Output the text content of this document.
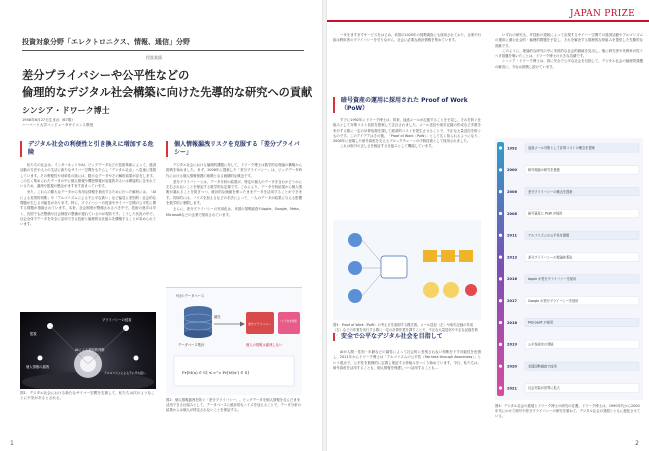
投資対象分野「エレクトロニクス、情報、通信」分野
授賞業績
差分プライバシーや公平性などの
倫理的なデジタル社会構築に向けた先導的な研究への貢献
シンシア・ドワーク博士
1958年6月27日生まれ（67歳）
ハーバード大学コンピュータサイエンス教授
デジタル社会の利便性と引き換えに増加する危険

私たちの社会は、インターネットやAI、ビッグデータなどの技術革新によって、経済活動の方法や人々の生活に新たなサイバー空間をもたらし「デジタル社会」へ急速に発展しています。その利便性や効率性の陰には、膨大なデータやその解析結果が存在します。この広く集められたデータの中に個人情報や機密情報が直接的あるいは間接的に含まれているため、漏洩や監視の懸念がますます高まっています。

また、これらの膨大なデータから有用な情報を抽出するために行った解析には、「AIによる差別的判断」や「アルゴリズムによる不公平な扱い」など偏見と差別的・社会的な問題が生じる可能性があります。特に、プライバシーの侵害やサイバー空間の公平性に関する問題が指摘されています。本来、社会制度が整備されるべき中で、技術の進歩は早く、各国でも法整備や社会制度の整備が遅れているのが現状です。こうした状況の中で、社会全体でデータを安全に活用できる技術と倫理的な仕組みを構築することが求められています。

監視
プライバシーの侵害
個人情報の漏洩
AIによる差別的判断
アルゴリズムによる不公平な扱い
図1：デジタル社会における新たなサイバー空間を支援して、私たちは次のようなことに不安があるとされる。
個人情報漏洩リスクを克服する「差分プライバシー」

デジタル社会における倫理的課題に対して、ドワーク博士は数学的な理論の構築から挑戦を始めました。まず、2006年に提案した「差分プライバシー」は、ビッグデータ時代における個人情報保護の基礎となる画期的な概念です。

差分プライバシーとは、データ分析の結果が、特定の個人のデータを含むかどうかに左右されないことを保証する数学的な定義です。これにより、データ分析結果から個人情報が漏れることを防ぎつつ、統計的な価値を保ったままデータを活用することができます。具体的には、ノイズを加えるなどの手法によって、一人のデータが結果に与える影響を数学的に制限します。

さらに、差分プライバシーの実用化は、米国の国勢調査やApple、Google、Meta、Microsoftなどの企業で採用されています。

Y社のデータベース
属性
差分プライバシー
ノイズ付き結果
データベース集計	個人の情報は漏洩しない
Pr[M(x) ∈ S] ≤ e^ε Pr[M(x') ∈ S]
図2：個人情報漏洩を防ぐ「差分プライバシー」。ビッグデータを個人情報を含んだまま活用できる仕組みとして、データベースに統計的なノイズを加えることで、データ分析の結果からは個人が特定されないことを保証する。
1
JAPAN PRIZE

ータをますますサービスをはじめ、米国の2020年の国勢調査にも採用されており、企業や行政は利用者のプライバシーを守りながら、社会に必要な統計情報を集めています。

暗号資産の運用に採用された Proof of Work（PoW）

すでに1992年にドワーク博士は、将来、迷惑メールが氾濫することを予見し、それを防ぐ仕組みとして対策コスト負担を提案して注目されました。メール送信や取引記録の作成など多数を実行する際に一定の計算処理を課して経済的コストを発生させることで、不正な大量送信を防ぐものです。このアイデアはその後、「Proof of Work（PoW）」として広く知られるようになり、2008年に登場した暗号資産を支えるブロックチェーンの中核技術として採用されました。

これは取引の正しさを検証する仕組みとして機能しています。

図3：Proof of Work（PoW）の考え方を説明する模式図。メール送信（左）や取引記録の作成（右）などの作業を実行する際に一定の計算作業を課すことで、不正な大量送信や不正な記録を防ぐ。 安全で公平なデジタル社会を目指して

AIが人間・性別・年齢などの属性によって社会的に差別されない判断を下す可能性を危惧し、2011年からドワーク博士は「アルゴリズムの公平性（Fairness through Awareness）」という視点で、公平性を数理的に定義し保証する枠組みをつくり始めています。今日、私たちは、暗号資産を活用することも、個人情報を保護しつつ活用することも…

いずれの研究も、IT技術の発展によって出現するサイバー空間での経済活動やアルゴリズムの運用に潜む社会的・倫理的問題を予見し、それを解決する数理的な枠組みを提供した先駆的な貢献です。

このように、理論的な研究の中に実用的な社会的価値を見出し、後に研究者や実務家が従うべき基盤を築いたことは、ドワーク博士の大きな功績です。

シンシア・ドワーク博士は、真に安全で公平な社会を目指して、デジタル社会の倫理的課題の解決に、今なお挑戦し続けています。

1992	迷惑メール対策として計算コストの概念を提案
2000	暗号理論の研究を推進
2006	差分プライバシーの概念を提案
2008	暗号資産に PoW が採用
2011	アルゴリズムの公平性を提唱
2013	差分プライバシーの理論体系化
2016	Apple が差分プライバシーを採用
2017	Google が差分プライバシーを採用
2018	Microsoft が採用
2019	公平性研究の発展
2020	米国国勢調査で採用
2021	社会実装が世界に拡大
図4：デジタル社会の進展とドワーク博士の研究の変遷。ドワーク博士は、1990年代から2000年代にかけて暗号や差分プライバシーの研究を重ねて、デジタル社会の発展とともに進化させている。
2
